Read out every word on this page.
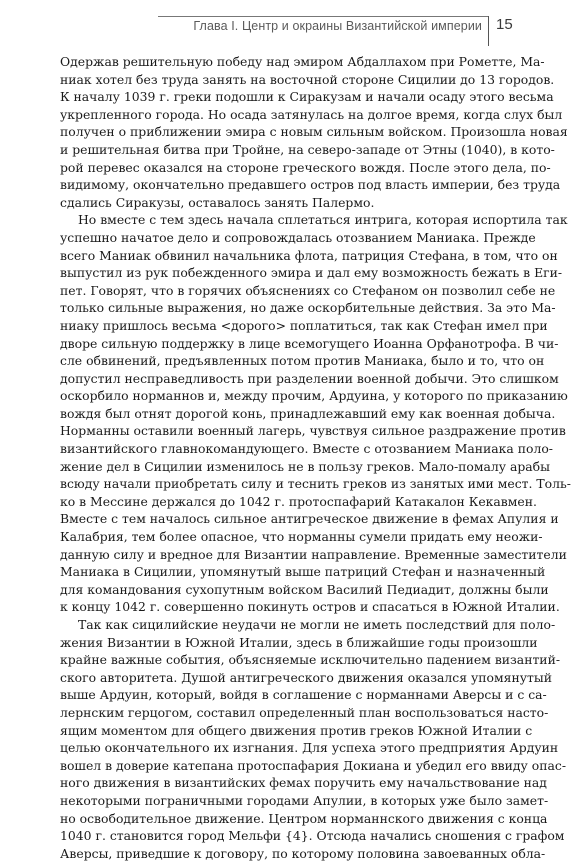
Глава I. Центр и окраины Византийской империи 15
Одержав решительную победу над эмиром Абдаллахом при Рометте, Ма-
ниак хотел без труда занять на восточной стороне Сицилии до 13 городов.
К началу 1039 г. греки подошли к Сиракузам и начали осаду этого весьма
укрепленного города. Но осада затянулась на долгое время, когда слух был
получен о приближении эмира с новым сильным войском. Произошла новая
и решительная битва при Тройне, на северо-западе от Этны (1040), в кото-
рой перевес оказался на стороне греческого вождя. После этого дела, по-
видимому, окончательно предавшего остров под власть империи, без труда
сдались Сиракузы, оставалось занять Палермо.
Но вместе с тем здесь начала сплетаться интрига, которая испортила так
успешно начатое дело и сопровождалась отозванием Маниака. Прежде
всего Маниак обвинил начальника флота, патриция Стефана, в том, что он
выпустил из рук побежденного эмира и дал ему возможность бежать в Еги-
пет. Говорят, что в горячих объяснениях со Стефаном он позволил себе не
только сильные выражения, но даже оскорбительные действия. За это Ма-
ниаку пришлось весьма <дорого> поплатиться, так как Стефан имел при
дворе сильную поддержку в лице всемогущего Иоанна Орфанотрофа. В чи-
сле обвинений, предъявленных потом против Маниака, было и то, что он
допустил несправедливость при разделении военной добычи. Это слишком
оскорбило норманнов и, между прочим, Ардуина, у которого по приказанию
вождя был отнят дорогой конь, принадлежавший ему как военная добыча.
Норманны оставили военный лагерь, чувствуя сильное раздражение против
византийского главнокомандующего. Вместе с отозванием Маниака поло-
жение дел в Сицилии изменилось не в пользу греков. Мало-помалу арабы
всюду начали приобретать силу и теснить греков из занятых ими мест. Толь-
ко в Мессине держался до 1042 г. протоспафарий Катакалон Кекавмен.
Вместе с тем началось сильное антигреческое движение в фемах Апулия и
Калабрия, тем более опасное, что норманны сумели придать ему неожи-
данную силу и вредное для Византии направление. Временные заместители
Маниака в Сицилии, упомянутый выше патриций Стефан и назначенный
для командования сухопутным войском Василий Педиадит, должны были
к концу 1042 г. совершенно покинуть остров и спасаться в Южной Италии.
Так как сицилийские неудачи не могли не иметь последствий для поло-
жения Византии в Южной Италии, здесь в ближайшие годы произошли
крайне важные события, объясняемые исключительно падением византий-
ского авторитета. Душой антигреческого движения оказался упомянутый
выше Ардуин, который, войдя в соглашение с норманнами Аверсы и с са-
лернским герцогом, составил определенный план воспользоваться насто-
ящим моментом для общего движения против греков Южной Италии с
целью окончательного их изгнания. Для успеха этого предприятия Ардуин
вошел в доверие катепана протоспафария Докиана и убедил его ввиду опас-
ного движения в византийских фемах поручить ему начальствование над
некоторыми пограничными городами Апулии, в которых уже было замет-
но освободительное движение. Центром норманнского движения с конца
1040 г. становится город Мельфи {4}. Отсюда начались сношения с графом
Аверсы, приведшие к договору, по которому половина завоеванных обла-
